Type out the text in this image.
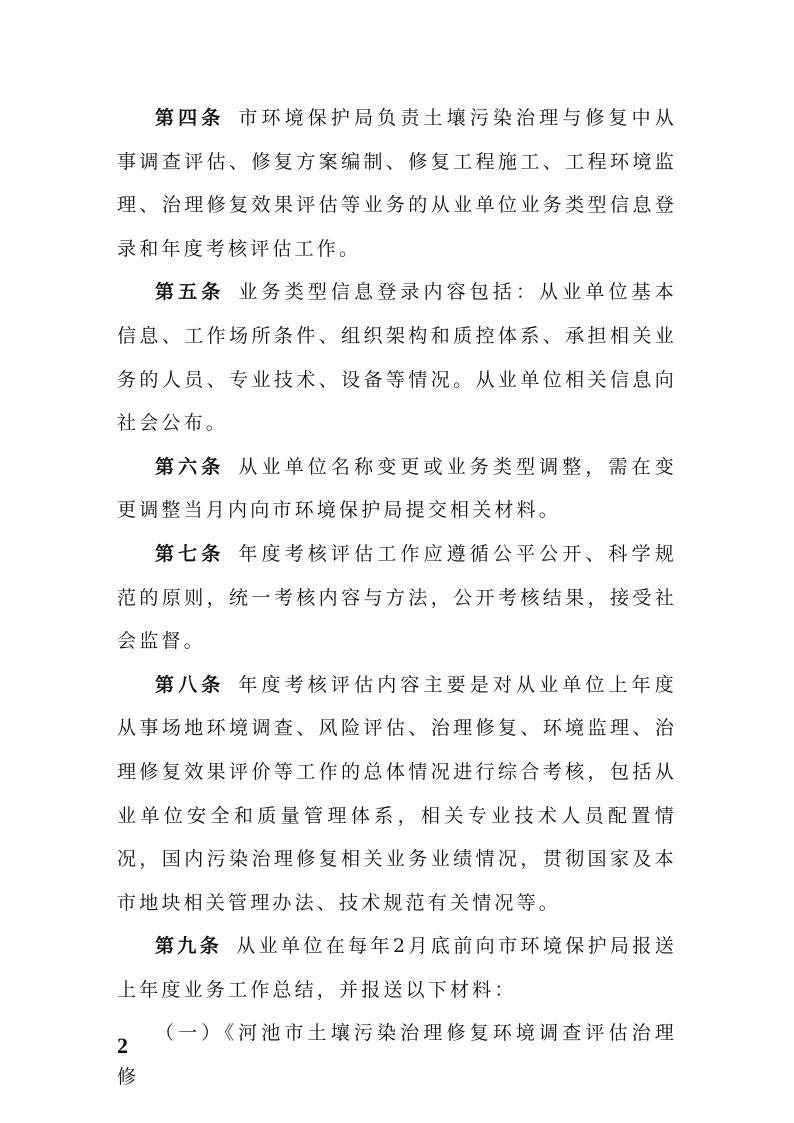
第四条 市环境保护局负责土壤污染治理与修复中从事调查评估、修复方案编制、修复工程施工、工程环境监理、治理修复效果评估等业务的从业单位业务类型信息登录和年度考核评估工作。

第五条 业务类型信息登录内容包括：从业单位基本信息、工作场所条件、组织架构和质控体系、承担相关业务的人员、专业技术、设备等情况。从业单位相关信息向社会公布。

第六条 从业单位名称变更或业务类型调整，需在变更调整当月内向市环境保护局提交相关材料。

第七条 年度考核评估工作应遵循公平公开、科学规范的原则，统一考核内容与方法，公开考核结果，接受社会监督。

第八条 年度考核评估内容主要是对从业单位上年度从事场地环境调查、风险评估、治理修复、环境监理、治理修复效果评价等工作的总体情况进行综合考核，包括从业单位安全和质量管理体系，相关专业技术人员配置情况，国内污染治理修复相关业务业绩情况，贯彻国家及本市地块相关管理办法、技术规范有关情况等。

第九条 从业单位在每年2月底前向市环境保护局报送上年度业务工作总结，并报送以下材料：

（一）《河池市土壤污染治理修复环境调查评估治理修

2
